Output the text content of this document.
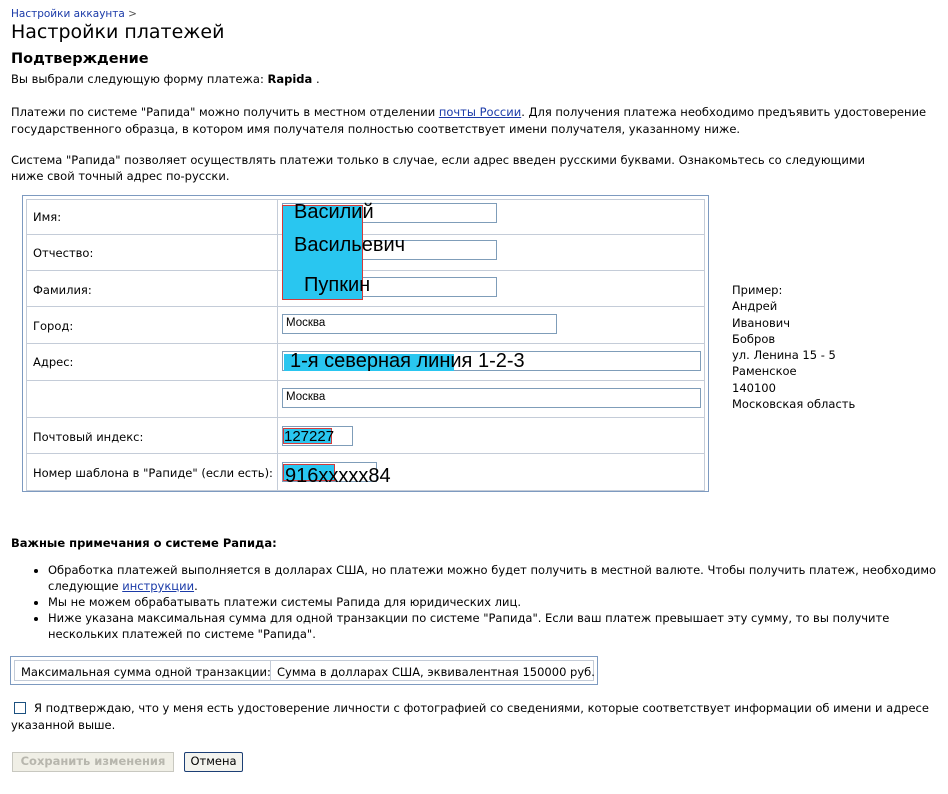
Настройки аккаунта >
Настройки платежей
Подтверждение
Вы выбрали следующую форму платежа: Rapida .
Платежи по системе "Рапида" можно получить в местном отделении почты России. Для получения платежа необходимо предъявить удостоверение
государственного образца, в котором имя получателя полностью соответствует имени получателя, указанному ниже.
Система "Рапида" позволяет осуществлять платежи только в случае, если адрес введен русскими буквами. Ознакомьтесь со следующими
ниже свой точный адрес по-русски.
Имя:
Отчество:
Фамилия:
Город:
Адрес:
Почтовый индекс:
Номер шаблона в "Рапиде" (если есть):
Василий
Васильевич
Пупкин
Москва
1-я северная линия 1-2-3
Москва
127227
916xxxxx84
Пример:
Андрей
Иванович
Бобров
ул. Ленина 15 - 5
Раменское
140100
Московская область
Важные примечания о системе Рапида:
• Обработка платежей выполняется в долларах США, но платежи можно будет получить в местной валюте. Чтобы получить платеж, необходимо
следующие инструкции.
• Мы не можем обрабатывать платежи системы Рапида для юридических лиц.
• Ниже указана максимальная сумма для одной транзакции по системе "Рапида". Если ваш платеж превышает эту сумму, то вы получите
нескольких платежей по системе "Рапида".
Максимальная сумма одной транзакции: Сумма в долларах США, эквивалентная 150000 руб.
Я подтверждаю, что у меня есть удостоверение личности с фотографией со сведениями, которые соответствует информации об имени и адресе
указанной выше.
Сохранить изменения	Отмена
